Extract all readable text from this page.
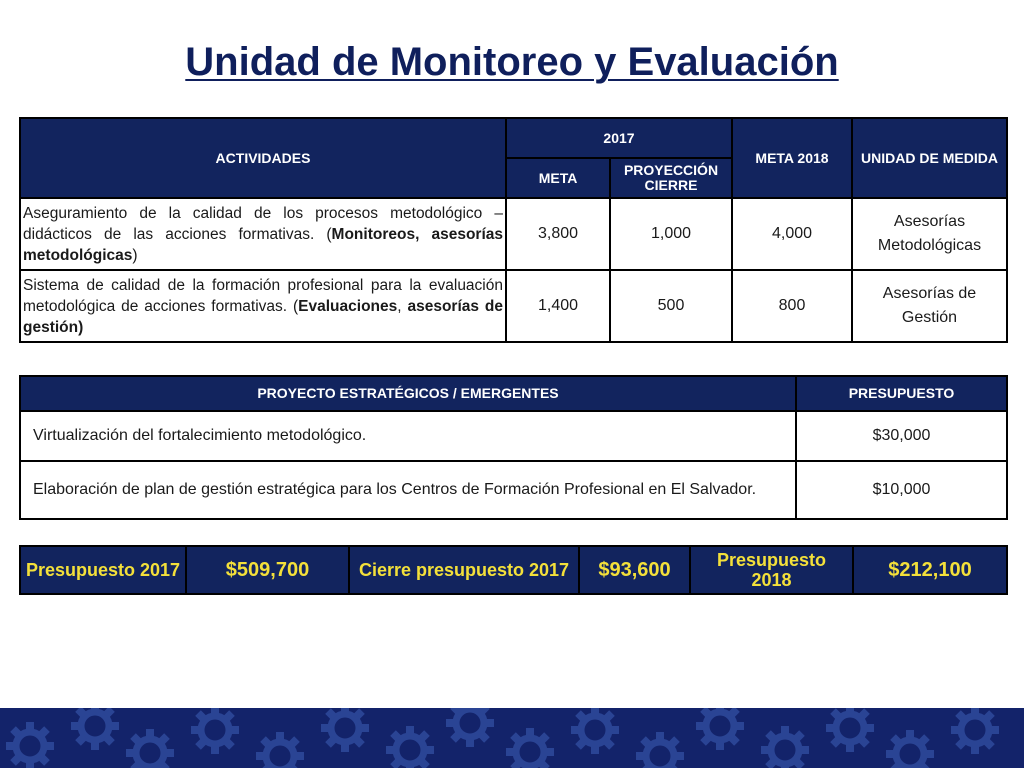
Unidad de Monitoreo y Evaluación
ACTIVIDADES	2017		META 2018	UNIDAD DE MEDIDA
	META	PROYECCIÓN CIERRE		
Aseguramiento de la calidad de los procesos metodológico – didácticos de las acciones formativas. (Monitoreos, asesorías metodológicas)	3,800	1,000	4,000	Asesorías Metodológicas
Sistema de calidad de la formación profesional para la evaluación metodológica de acciones formativas. (Evaluaciones, asesorías de gestión)	1,400	500	800	Asesorías de Gestión
PROYECTO ESTRATÉGICOS / EMERGENTES	PRESUPUESTO
Virtualización del fortalecimiento metodológico.	$30,000
Elaboración de plan de gestión estratégica para los Centros de Formación Profesional en El Salvador.	$10,000
Presupuesto 2017	$509,700	Cierre presupuesto 2017	$93,600	Presupuesto 2018	$212,100
